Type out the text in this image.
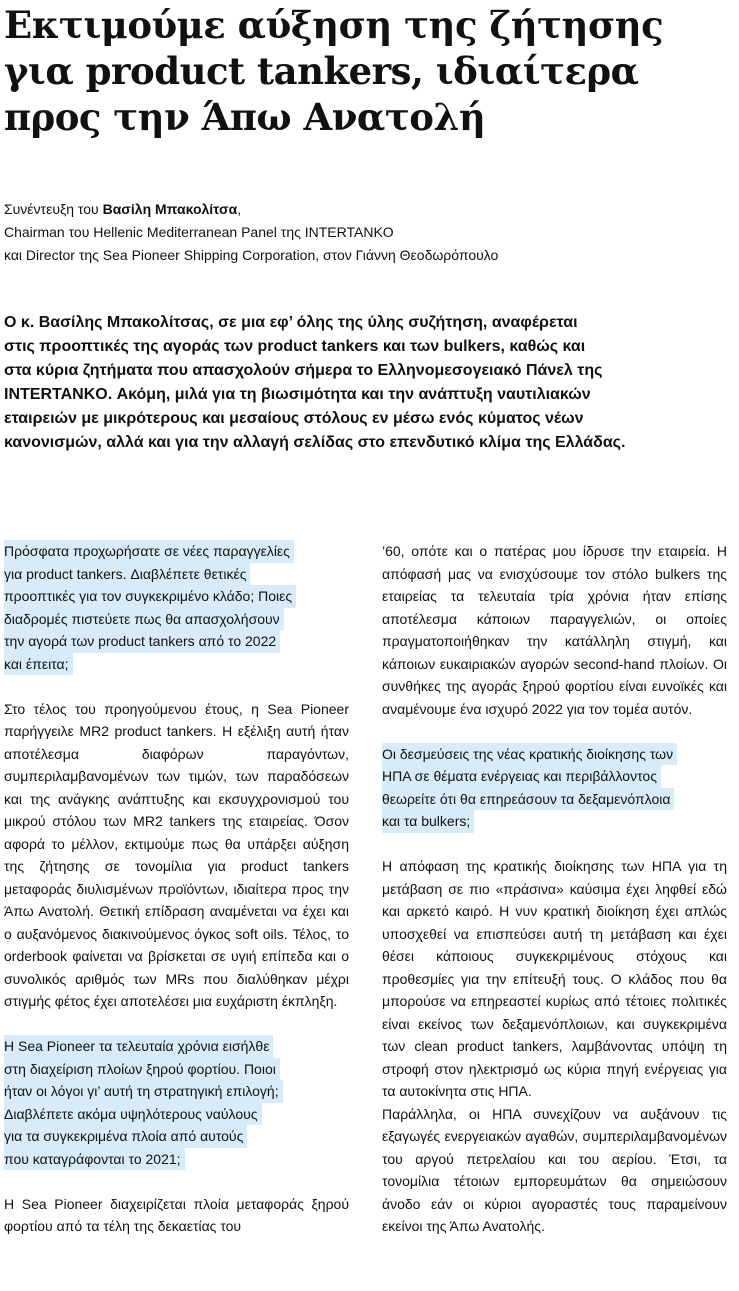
Εκτιμούμε αύξηση της ζήτησης
για product tankers, ιδιαίτερα
προς την Άπω Ανατολή
Συνέντευξη του Βασίλη Μπακολίτσα,
Chairman του Hellenic Mediterranean Panel της INTERTANKO
και Director της Sea Pioneer Shipping Corporation, στον Γιάννη Θεοδωρόπουλο
Ο κ. Βασίλης Μπακολίτσας, σε μια εφ’ όλης της ύλης συζήτηση, αναφέρεται
στις προοπτικές της αγοράς των product tankers και των bulkers, καθώς και
στα κύρια ζητήματα που απασχολούν σήμερα το Ελληνομεσογειακό Πάνελ της
INTERTANKO. Ακόμη, μιλά για τη βιωσιμότητα και την ανάπτυξη ναυτιλιακών
εταιρειών με μικρότερους και μεσαίους στόλους εν μέσω ενός κύματος νέων
κανονισμών, αλλά και για την αλλαγή σελίδας στο επενδυτικό κλίμα της Ελλάδας.
Πρόσφατα προχωρήσατε σε νέες παραγγελίες
για product tankers. Διαβλέπετε θετικές
προοπτικές για τον συγκεκριμένο κλάδο; Ποιες
διαδρομές πιστεύετε πως θα απασχολήσουν
την αγορά των product tankers από το 2022
και έπειτα;

Στο τέλος του προηγούμενου έτους, η Sea Pioneer παρήγγειλε MR2 product tankers. Η εξέλιξη αυτή ήταν αποτέλεσμα διαφόρων παραγόντων, συμπεριλαμβανομένων των τιμών, των παραδόσεων και της ανάγκης ανάπτυξης και εκσυγχρονισμού του μικρού στόλου των MR2 tankers της εταιρείας. Όσον αφορά το μέλλον, εκτιμούμε πως θα υπάρξει αύξηση της ζήτησης σε τονομίλια για product tankers μεταφοράς διυλισμένων προϊόντων, ιδιαίτερα προς την Άπω Ανατολή. Θετική επίδραση αναμένεται να έχει και ο αυξανόμενος διακινούμενος όγκος soft oils. Τέλος, το orderbook φαίνεται να βρίσκεται σε υγιή επίπεδα και ο συνολικός αριθμός των MRs που διαλύθηκαν μέχρι στιγμής φέτος έχει αποτελέσει μια ευχάριστη έκπληξη.

Η Sea Pioneer τα τελευταία χρόνια εισήλθε
στη διαχείριση πλοίων ξηρού φορτίου. Ποιοι
ήταν οι λόγοι γι’ αυτή τη στρατηγική επιλογή;
Διαβλέπετε ακόμα υψηλότερους ναύλους
για τα συγκεκριμένα πλοία από αυτούς
που καταγράφονται το 2021;

Η Sea Pioneer διαχειρίζεται πλοία μεταφοράς ξηρού φορτίου από τα τέλη της δεκαετίας του

’60, οπότε και ο πατέρας μου ίδρυσε την εταιρεία. Η απόφασή μας να ενισχύσουμε τον στόλο bulkers της εταιρείας τα τελευταία τρία χρόνια ήταν επίσης αποτέλεσμα κάποιων παραγγελιών, οι οποίες πραγματοποιήθηκαν την κατάλληλη στιγμή, και κάποιων ευκαιριακών αγορών second-hand πλοίων. Οι συνθήκες της αγοράς ξηρού φορτίου είναι ευνοϊκές και αναμένουμε ένα ισχυρό 2022 για τον τομέα αυτόν.

Οι δεσμεύσεις της νέας κρατικής διοίκησης των
ΗΠΑ σε θέματα ενέργειας και περιβάλλοντος
θεωρείτε ότι θα επηρεάσουν τα δεξαμενόπλοια
και τα bulkers;

Η απόφαση της κρατικής διοίκησης των ΗΠΑ για τη μετάβαση σε πιο «πράσινα» καύσιμα έχει ληφθεί εδώ και αρκετό καιρό. Η νυν κρατική διοίκηση έχει απλώς υποσχεθεί να επισπεύσει αυτή τη μετάβαση και έχει θέσει κάποιους συγκεκριμένους στόχους και προθεσμίες για την επίτευξή τους. Ο κλάδος που θα μπορούσε να επηρεαστεί κυρίως από τέτοιες πολιτικές είναι εκείνος των δεξαμενόπλοιων, και συγκεκριμένα των clean product tankers, λαμβάνοντας υπόψη τη στροφή στον ηλεκτρισμό ως κύρια πηγή ενέργειας για τα αυτοκίνητα στις ΗΠΑ.

Παράλληλα, οι ΗΠΑ συνεχίζουν να αυξάνουν τις εξαγωγές ενεργειακών αγαθών, συμπεριλαμβανομένων του αργού πετρελαίου και του αερίου. Έτσι, τα τονομίλια τέτοιων εμπορευμάτων θα σημειώσουν άνοδο εάν οι κύριοι αγοραστές τους παραμείνουν εκείνοι της Άπω Ανατολής.
